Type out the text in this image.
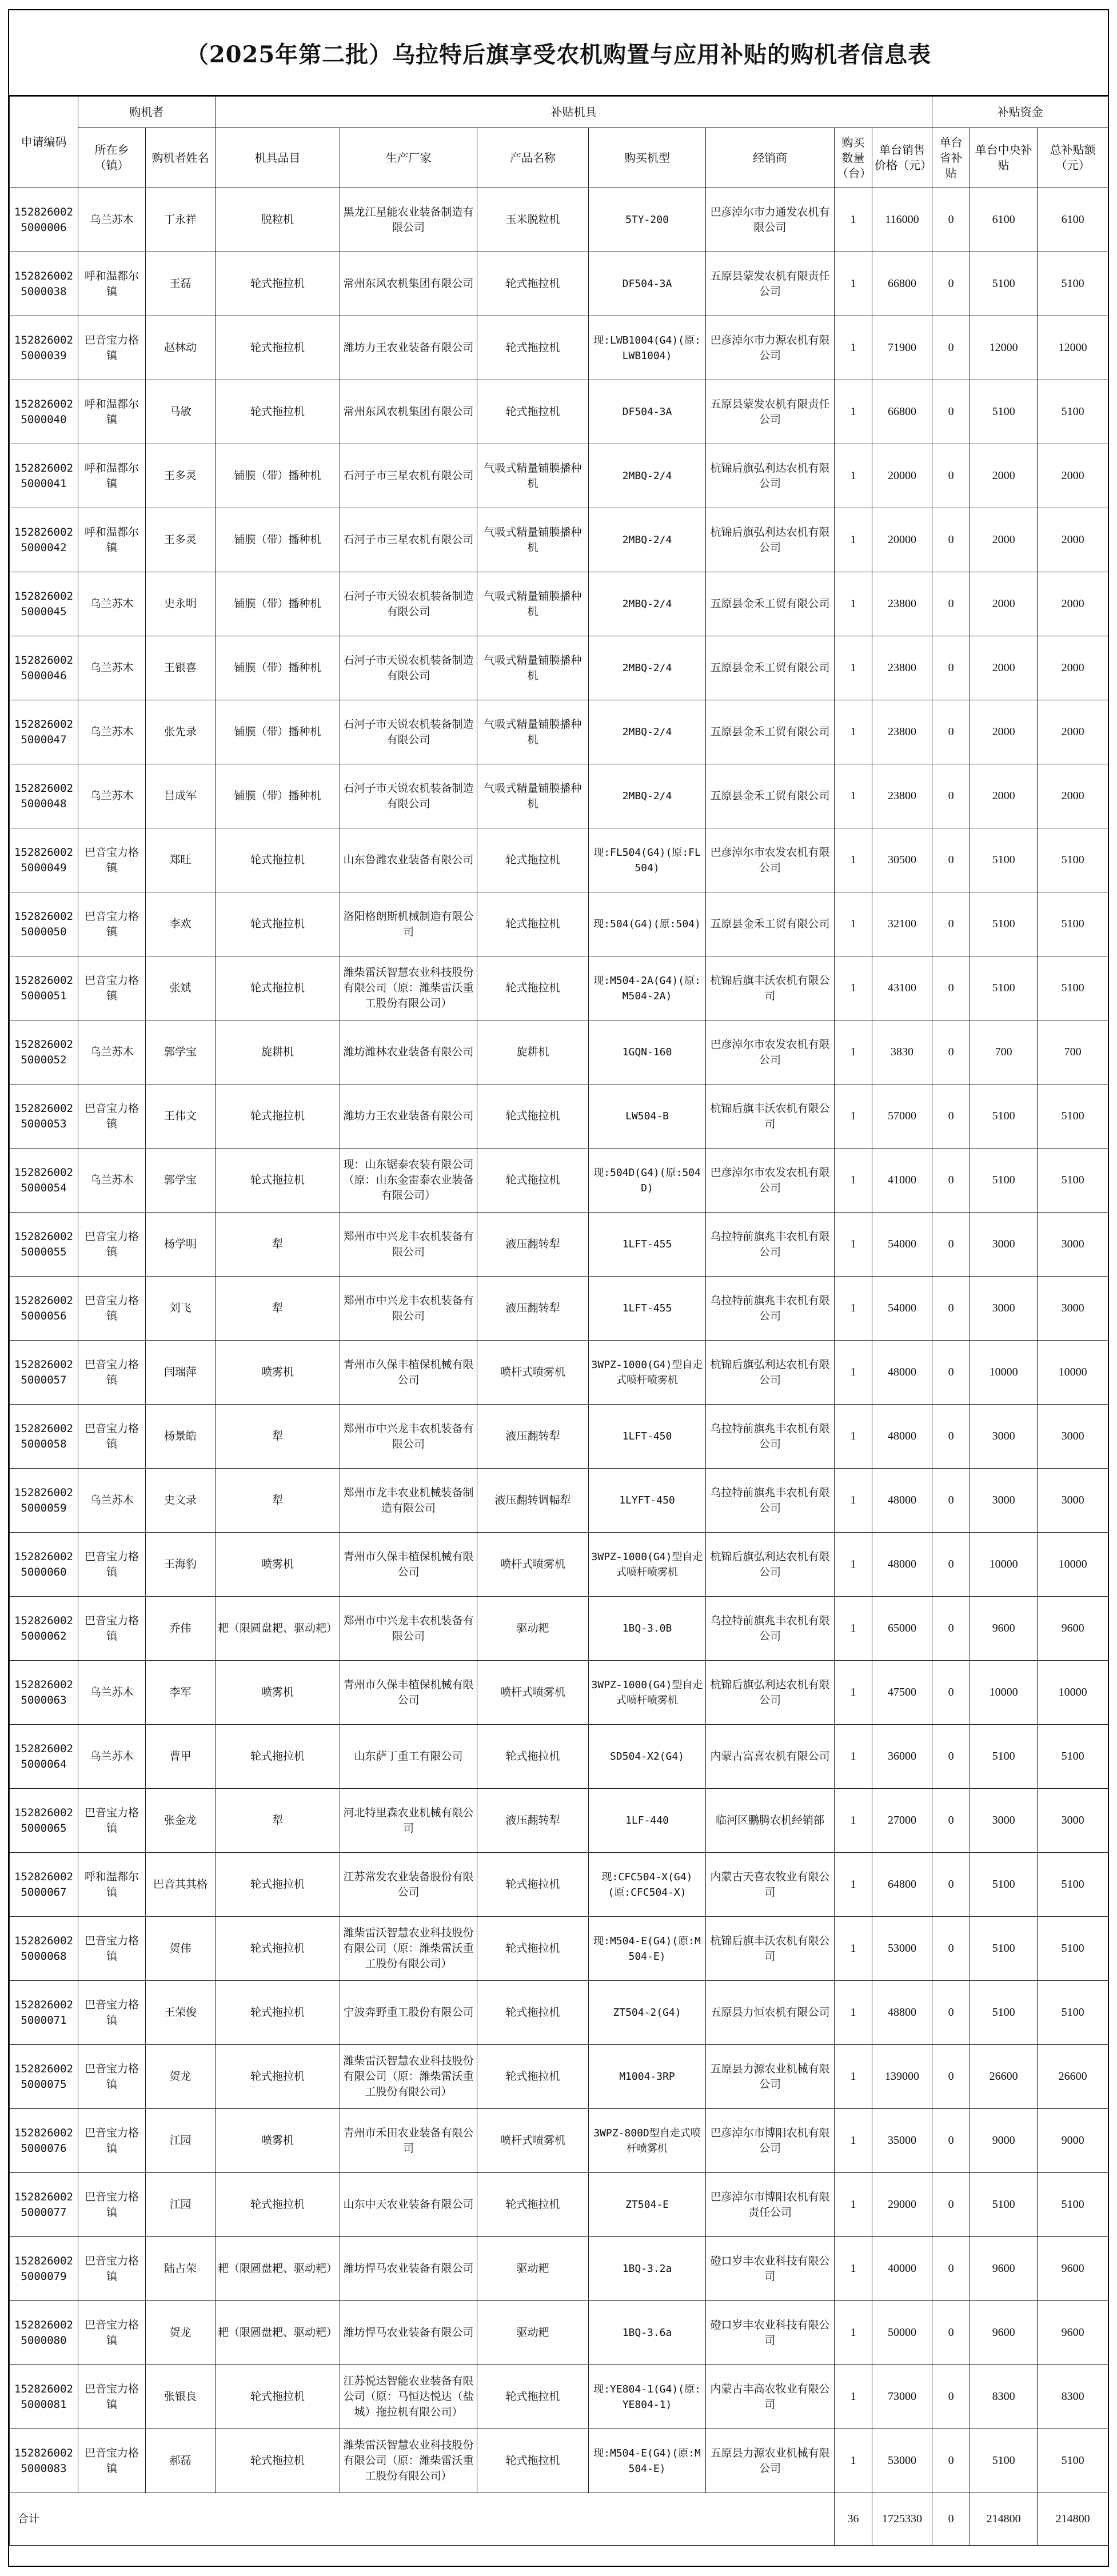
（2025年第二批）乌拉特后旗享受农机购置与应用补贴的购机者信息表
申请编码	购机者		补贴机具							补贴资金		
	所在乡（镇）	购机者姓名	机具品目	生产厂家	产品名称	购买机型	经销商	购买数量（台）	单台销售价格（元）	单台省补贴	单台中央补贴	总补贴额（元）
1528260025000006	乌兰苏木	丁永祥	脱粒机	黑龙江星能农业装备制造有限公司	玉米脱粒机	5TY-200	巴彦淖尔市力通发农机有限公司	1	116000	0	6100	6100
1528260025000038	呼和温都尔镇	王磊	轮式拖拉机	常州东风农机集团有限公司	轮式拖拉机	DF504-3A	五原县蒙发农机有限责任公司	1	66800	0	5100	5100
1528260025000039	巴音宝力格镇	赵林动	轮式拖拉机	潍坊力王农业装备有限公司	轮式拖拉机	现:LWB1004(G4)(原:LWB1004)	巴彦淖尔市力源农机有限公司	1	71900	0	12000	12000
1528260025000040	呼和温都尔镇	马敏	轮式拖拉机	常州东风农机集团有限公司	轮式拖拉机	DF504-3A	五原县蒙发农机有限责任公司	1	66800	0	5100	5100
1528260025000041	呼和温都尔镇	王多灵	铺膜（带）播种机	石河子市三星农机有限公司	气吸式精量铺膜播种机	2MBQ-2/4	杭锦后旗弘利达农机有限公司	1	20000	0	2000	2000
1528260025000042	呼和温都尔镇	王多灵	铺膜（带）播种机	石河子市三星农机有限公司	气吸式精量铺膜播种机	2MBQ-2/4	杭锦后旗弘利达农机有限公司	1	20000	0	2000	2000
1528260025000045	乌兰苏木	史永明	铺膜（带）播种机	石河子市天锐农机装备制造有限公司	气吸式精量铺膜播种机	2MBQ-2/4	五原县金禾工贸有限公司	1	23800	0	2000	2000
1528260025000046	乌兰苏木	王银喜	铺膜（带）播种机	石河子市天锐农机装备制造有限公司	气吸式精量铺膜播种机	2MBQ-2/4	五原县金禾工贸有限公司	1	23800	0	2000	2000
1528260025000047	乌兰苏木	张先录	铺膜（带）播种机	石河子市天锐农机装备制造有限公司	气吸式精量铺膜播种机	2MBQ-2/4	五原县金禾工贸有限公司	1	23800	0	2000	2000
1528260025000048	乌兰苏木	吕成军	铺膜（带）播种机	石河子市天锐农机装备制造有限公司	气吸式精量铺膜播种机	2MBQ-2/4	五原县金禾工贸有限公司	1	23800	0	2000	2000
1528260025000049	巴音宝力格镇	郑旺	轮式拖拉机	山东鲁潍农业装备有限公司	轮式拖拉机	现:FL504(G4)(原:FL504)	巴彦淖尔市农发农机有限公司	1	30500	0	5100	5100
1528260025000050	巴音宝力格镇	李欢	轮式拖拉机	洛阳格朗斯机械制造有限公司	轮式拖拉机	现:504(G4)(原:504)	五原县金禾工贸有限公司	1	32100	0	5100	5100
1528260025000051	巴音宝力格镇	张斌	轮式拖拉机	潍柴雷沃智慧农业科技股份有限公司（原：潍柴雷沃重工股份有限公司）	轮式拖拉机	现:M504-2A(G4)(原:M504-2A)	杭锦后旗丰沃农机有限公司	1	43100	0	5100	5100
1528260025000052	乌兰苏木	郭学宝	旋耕机	潍坊潍林农业装备有限公司	旋耕机	1GQN-160	巴彦淖尔市农发农机有限公司	1	3830	0	700	700
1528260025000053	巴音宝力格镇	王伟文	轮式拖拉机	潍坊力王农业装备有限公司	轮式拖拉机	LW504-B	杭锦后旗丰沃农机有限公司	1	57000	0	5100	5100
1528260025000054	乌兰苏木	郭学宝	轮式拖拉机	现：山东锯泰农装有限公司（原：山东金雷泰农业装备有限公司）	轮式拖拉机	现:504D(G4)(原:504D)	巴彦淖尔市农发农机有限公司	1	41000	0	5100	5100
1528260025000055	巴音宝力格镇	杨学明	犁	郑州市中兴龙丰农机装备有限公司	液压翻转犁	1LFT-455	乌拉特前旗兆丰农机有限公司	1	54000	0	3000	3000
1528260025000056	巴音宝力格镇	刘飞	犁	郑州市中兴龙丰农机装备有限公司	液压翻转犁	1LFT-455	乌拉特前旗兆丰农机有限公司	1	54000	0	3000	3000
1528260025000057	巴音宝力格镇	闫瑞萍	喷雾机	青州市久保丰植保机械有限公司	喷杆式喷雾机	3WPZ-1000(G4)型自走式喷杆喷雾机	杭锦后旗弘利达农机有限公司	1	48000	0	10000	10000
1528260025000058	巴音宝力格镇	杨景皓	犁	郑州市中兴龙丰农机装备有限公司	液压翻转犁	1LFT-450	乌拉特前旗兆丰农机有限公司	1	48000	0	3000	3000
1528260025000059	乌兰苏木	史文录	犁	郑州市龙丰农业机械装备制造有限公司	液压翻转调幅犁	1LYFT-450	乌拉特前旗兆丰农机有限公司	1	48000	0	3000	3000
1528260025000060	巴音宝力格镇	王海豹	喷雾机	青州市久保丰植保机械有限公司	喷杆式喷雾机	3WPZ-1000(G4)型自走式喷杆喷雾机	杭锦后旗弘利达农机有限公司	1	48000	0	10000	10000
1528260025000062	巴音宝力格镇	乔伟	耙（限圆盘耙、驱动耙）	郑州市中兴龙丰农机装备有限公司	驱动耙	1BQ-3.0B	乌拉特前旗兆丰农机有限公司	1	65000	0	9600	9600
1528260025000063	乌兰苏木	李军	喷雾机	青州市久保丰植保机械有限公司	喷杆式喷雾机	3WPZ-1000(G4)型自走式喷杆喷雾机	杭锦后旗弘利达农机有限公司	1	47500	0	10000	10000
1528260025000064	乌兰苏木	曹甲	轮式拖拉机	山东萨丁重工有限公司	轮式拖拉机	SD504-X2(G4)	内蒙古富喜农机有限公司	1	36000	0	5100	5100
1528260025000065	巴音宝力格镇	张金龙	犁	河北特里森农业机械有限公司	液压翻转犁	1LF-440	临河区鹏腾农机经销部	1	27000	0	3000	3000
1528260025000067	呼和温都尔镇	巴音其其格	轮式拖拉机	江苏常发农业装备股份有限公司	轮式拖拉机	现:CFC504-X(G4)(原:CFC504-X)	内蒙古天喜农牧业有限公司	1	64800	0	5100	5100
1528260025000068	巴音宝力格镇	贺伟	轮式拖拉机	潍柴雷沃智慧农业科技股份有限公司（原：潍柴雷沃重工股份有限公司）	轮式拖拉机	现:M504-E(G4)(原:M504-E)	杭锦后旗丰沃农机有限公司	1	53000	0	5100	5100
1528260025000071	巴音宝力格镇	王荣俊	轮式拖拉机	宁波奔野重工股份有限公司	轮式拖拉机	ZT504-2(G4)	五原县力恒农机有限公司	1	48800	0	5100	5100
1528260025000075	巴音宝力格镇	贺龙	轮式拖拉机	潍柴雷沃智慧农业科技股份有限公司（原：潍柴雷沃重工股份有限公司）	轮式拖拉机	M1004-3RP	五原县力源农业机械有限公司	1	139000	0	26600	26600
1528260025000076	巴音宝力格镇	江园	喷雾机	青州市禾田农业装备有限公司	喷杆式喷雾机	3WPZ-800D型自走式喷杆喷雾机	巴彦淖尔市博阳农机有限公司	1	35000	0	9000	9000
1528260025000077	巴音宝力格镇	江园	轮式拖拉机	山东中天农业装备有限公司	轮式拖拉机	ZT504-E	巴彦淖尔市博阳农机有限责任公司	1	29000	0	5100	5100
1528260025000079	巴音宝力格镇	陆占荣	耙（限圆盘耙、驱动耙）	潍坊悍马农业装备有限公司	驱动耙	1BQ-3.2a	磴口岁丰农业科技有限公司	1	40000	0	9600	9600
1528260025000080	巴音宝力格镇	贺龙	耙（限圆盘耙、驱动耙）	潍坊悍马农业装备有限公司	驱动耙	1BQ-3.6a	磴口岁丰农业科技有限公司	1	50000	0	9600	9600
1528260025000081	巴音宝力格镇	张银良	轮式拖拉机	江苏悦达智能农业装备有限公司（原：马恒达悦达（盐城）拖拉机有限公司）	轮式拖拉机	现:YE804-1(G4)(原:YE804-1)	内蒙古丰高农牧业有限公司	1	73000	0	8300	8300
1528260025000083	巴音宝力格镇	郝磊	轮式拖拉机	潍柴雷沃智慧农业科技股份有限公司（原：潍柴雷沃重工股份有限公司）	轮式拖拉机	现:M504-E(G4)(原:M504-E)	五原县力源农业机械有限公司	1	53000	0	5100	5100
合计								36	1725330	0	214800	214800
